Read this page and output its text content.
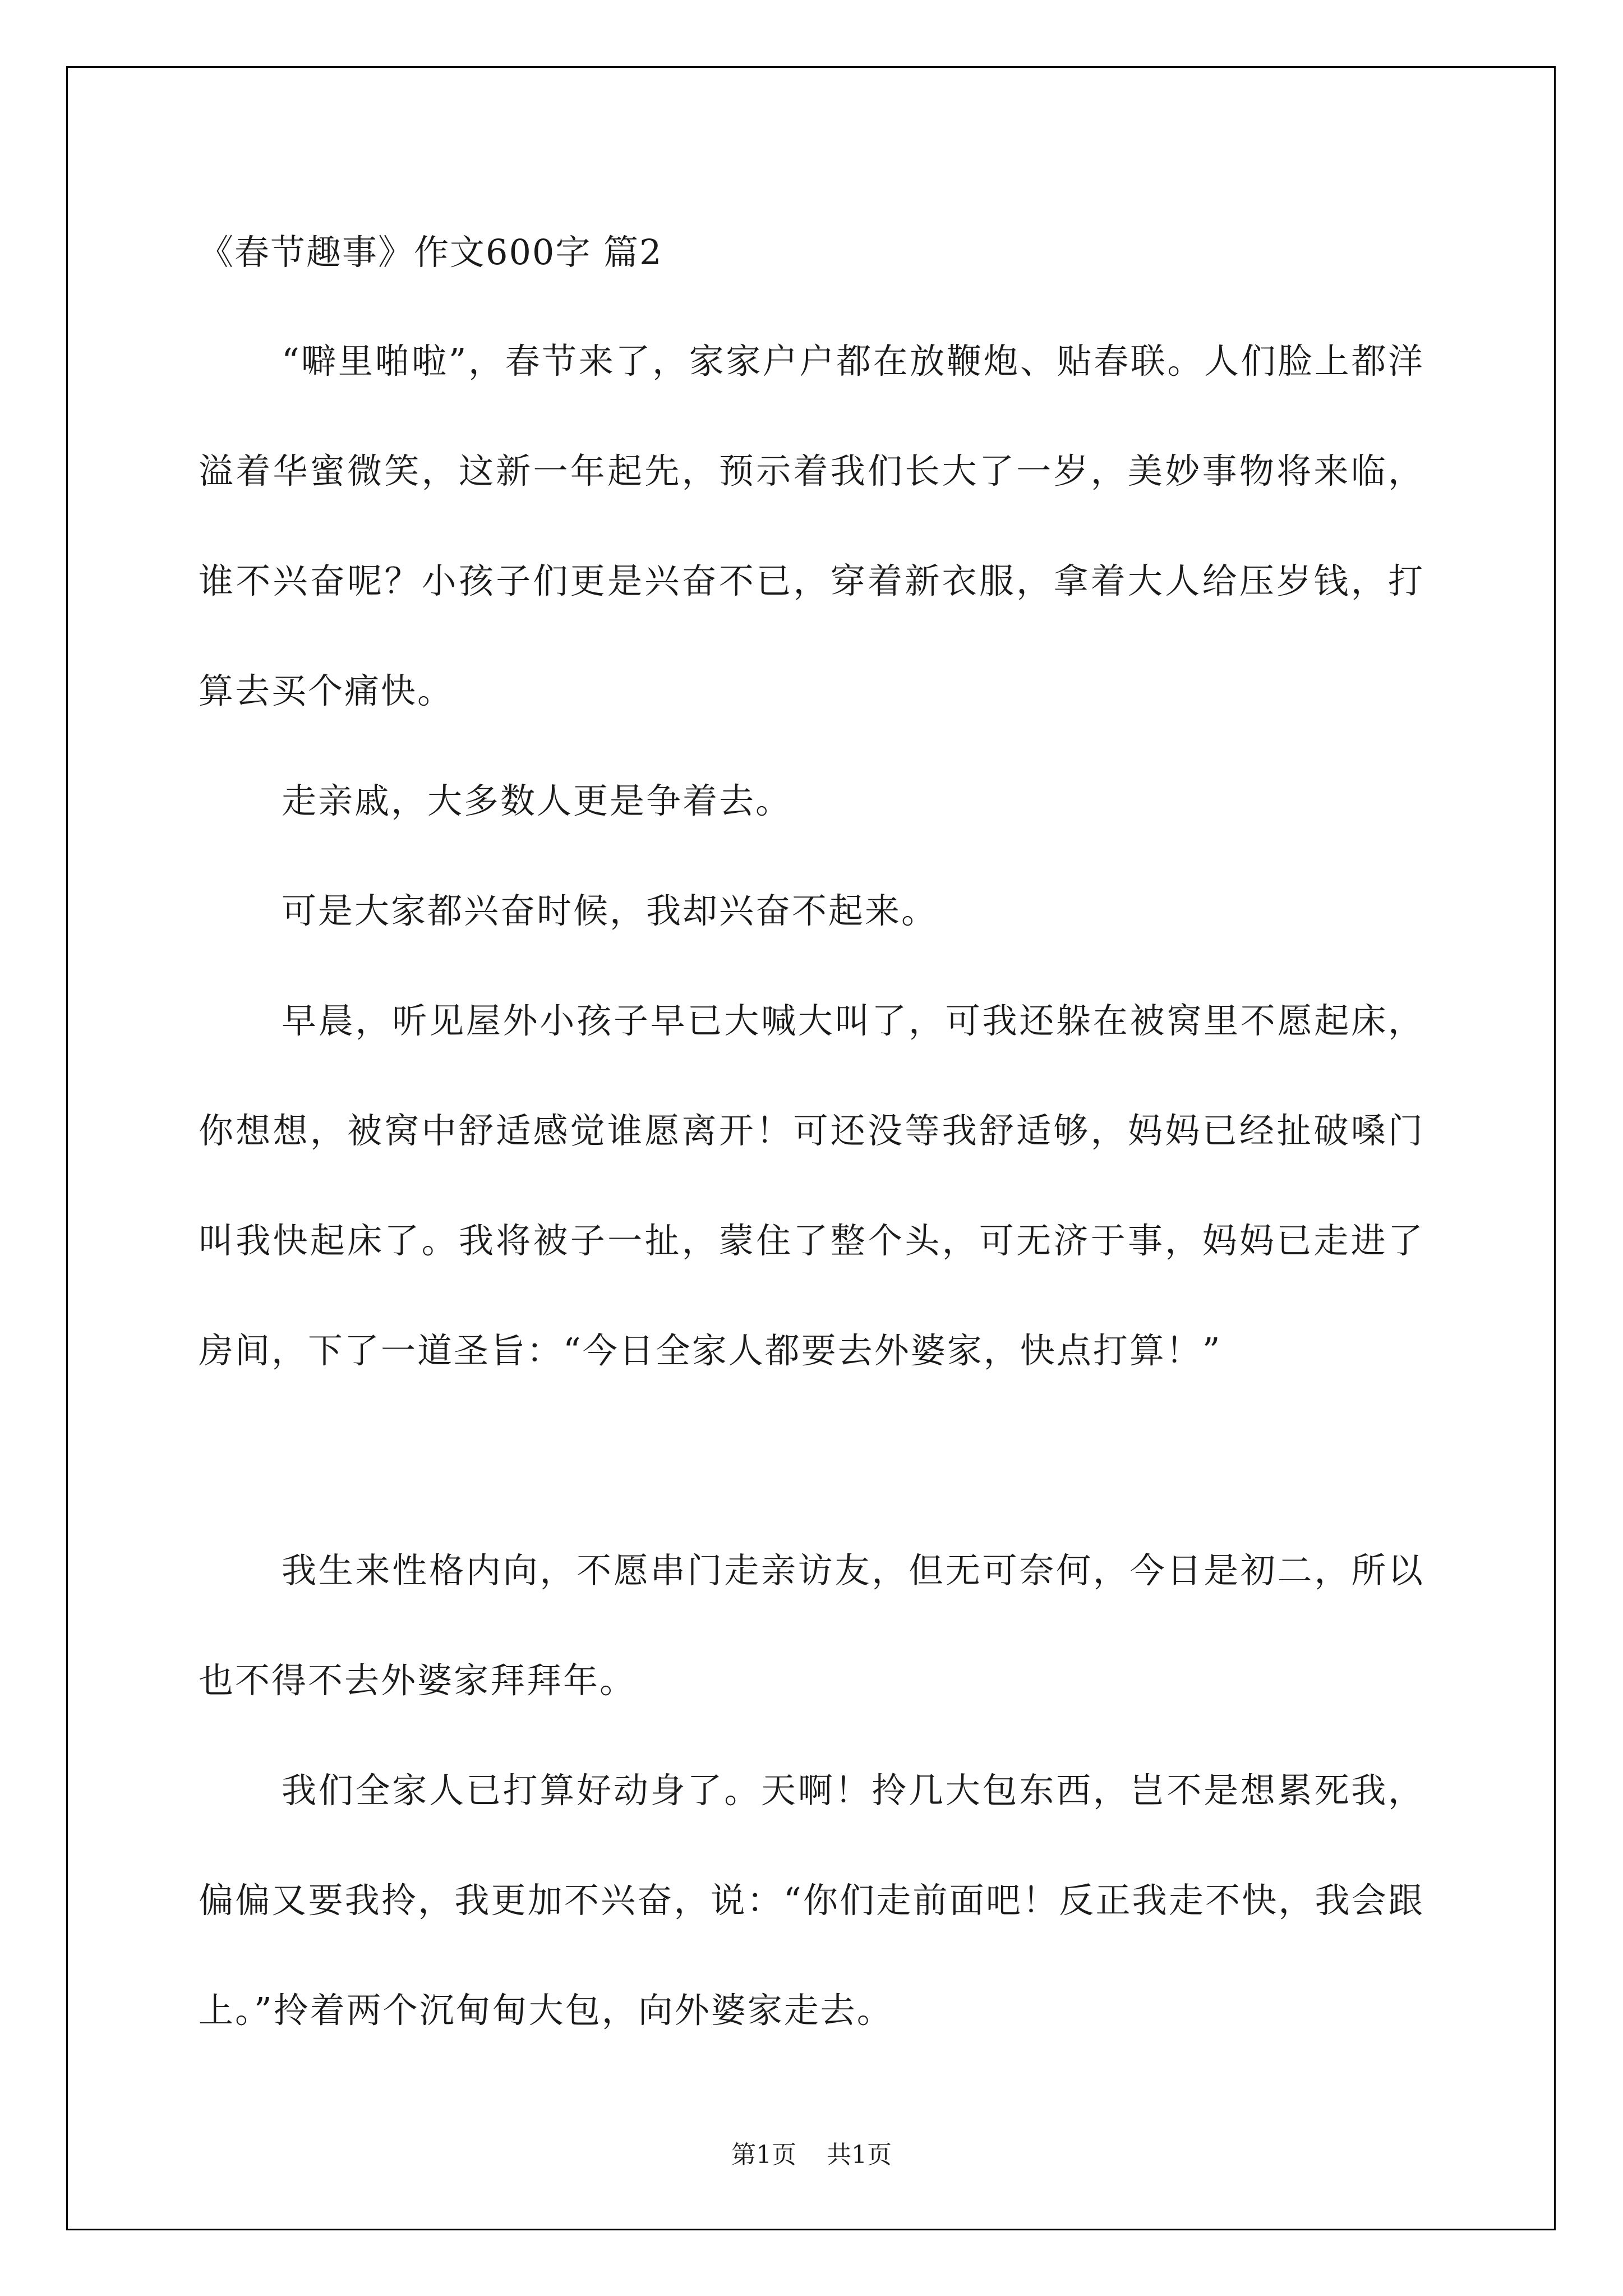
《春节趣事》作文600字 篇2

“噼里啪啦”，春节来了，家家户户都在放鞭炮、贴春联。人们脸上都洋溢着华蜜微笑，这新一年起先，预示着我们长大了一岁，美妙事物将来临，谁不兴奋呢？小孩子们更是兴奋不已，穿着新衣服，拿着大人给压岁钱，打算去买个痛快。

走亲戚，大多数人更是争着去。

可是大家都兴奋时候，我却兴奋不起来。

早晨，听见屋外小孩子早已大喊大叫了，可我还躲在被窝里不愿起床，你想想，被窝中舒适感觉谁愿离开！可还没等我舒适够，妈妈已经扯破嗓门叫我快起床了。我将被子一扯，蒙住了整个头，可无济于事，妈妈已走进了房间，下了一道圣旨：“今日全家人都要去外婆家，快点打算！”

我生来性格内向，不愿串门走亲访友，但无可奈何，今日是初二，所以也不得不去外婆家拜拜年。

我们全家人已打算好动身了。天啊！拎几大包东西，岂不是想累死我，偏偏又要我拎，我更加不兴奋，说：“你们走前面吧！反正我走不快，我会跟上。”拎着两个沉甸甸大包，向外婆家走去。

第1页 共1页
